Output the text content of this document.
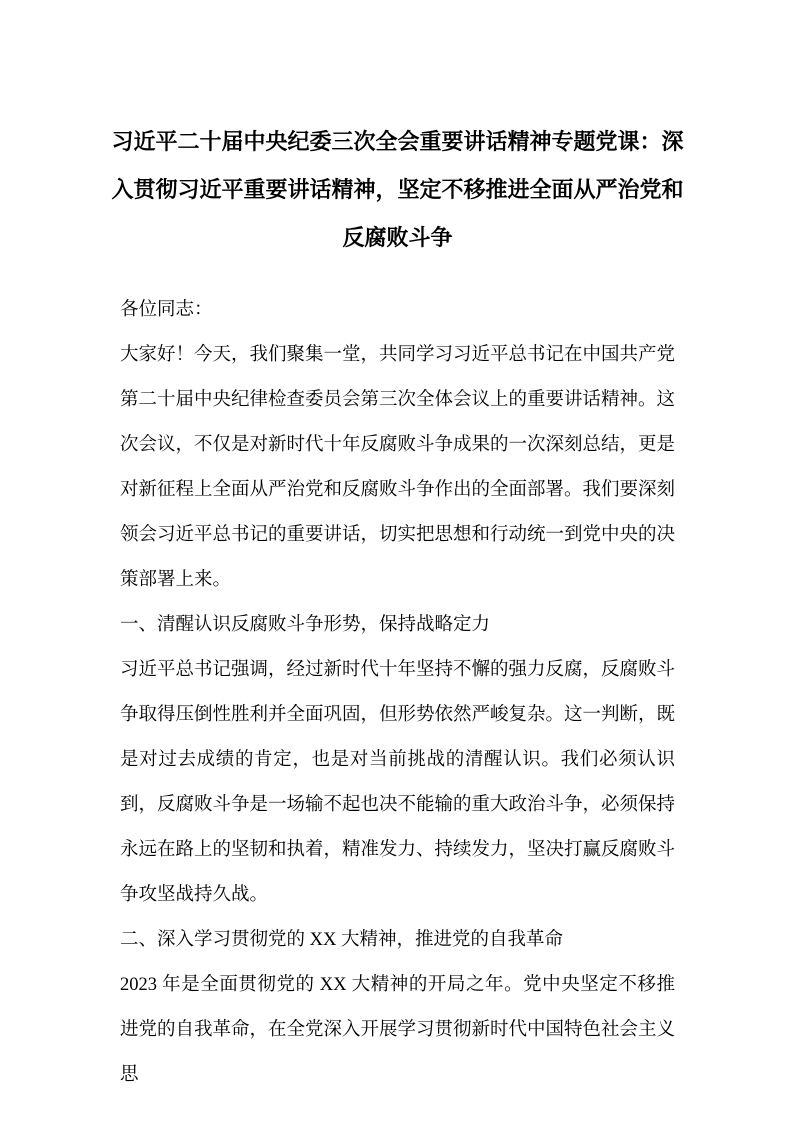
习近平二十届中央纪委三次全会重要讲话精神专题党课：深入贯彻习近平重要讲话精神，坚定不移推进全面从严治党和反腐败斗争

各位同志：

大家好！今天，我们聚集一堂，共同学习习近平总书记在中国共产党第二十届中央纪律检查委员会第三次全体会议上的重要讲话精神。这次会议，不仅是对新时代十年反腐败斗争成果的一次深刻总结，更是对新征程上全面从严治党和反腐败斗争作出的全面部署。我们要深刻领会习近平总书记的重要讲话，切实把思想和行动统一到党中央的决策部署上来。

一、清醒认识反腐败斗争形势，保持战略定力

习近平总书记强调，经过新时代十年坚持不懈的强力反腐，反腐败斗争取得压倒性胜利并全面巩固，但形势依然严峻复杂。这一判断，既是对过去成绩的肯定，也是对当前挑战的清醒认识。我们必须认识到，反腐败斗争是一场输不起也决不能输的重大政治斗争，必须保持永远在路上的坚韧和执着，精准发力、持续发力，坚决打赢反腐败斗争攻坚战持久战。

二、深入学习贯彻党的 XX 大精神，推进党的自我革命

2023 年是全面贯彻党的 XX 大精神的开局之年。党中央坚定不移推进党的自我革命，在全党深入开展学习贯彻新时代中国特色社会主义思
